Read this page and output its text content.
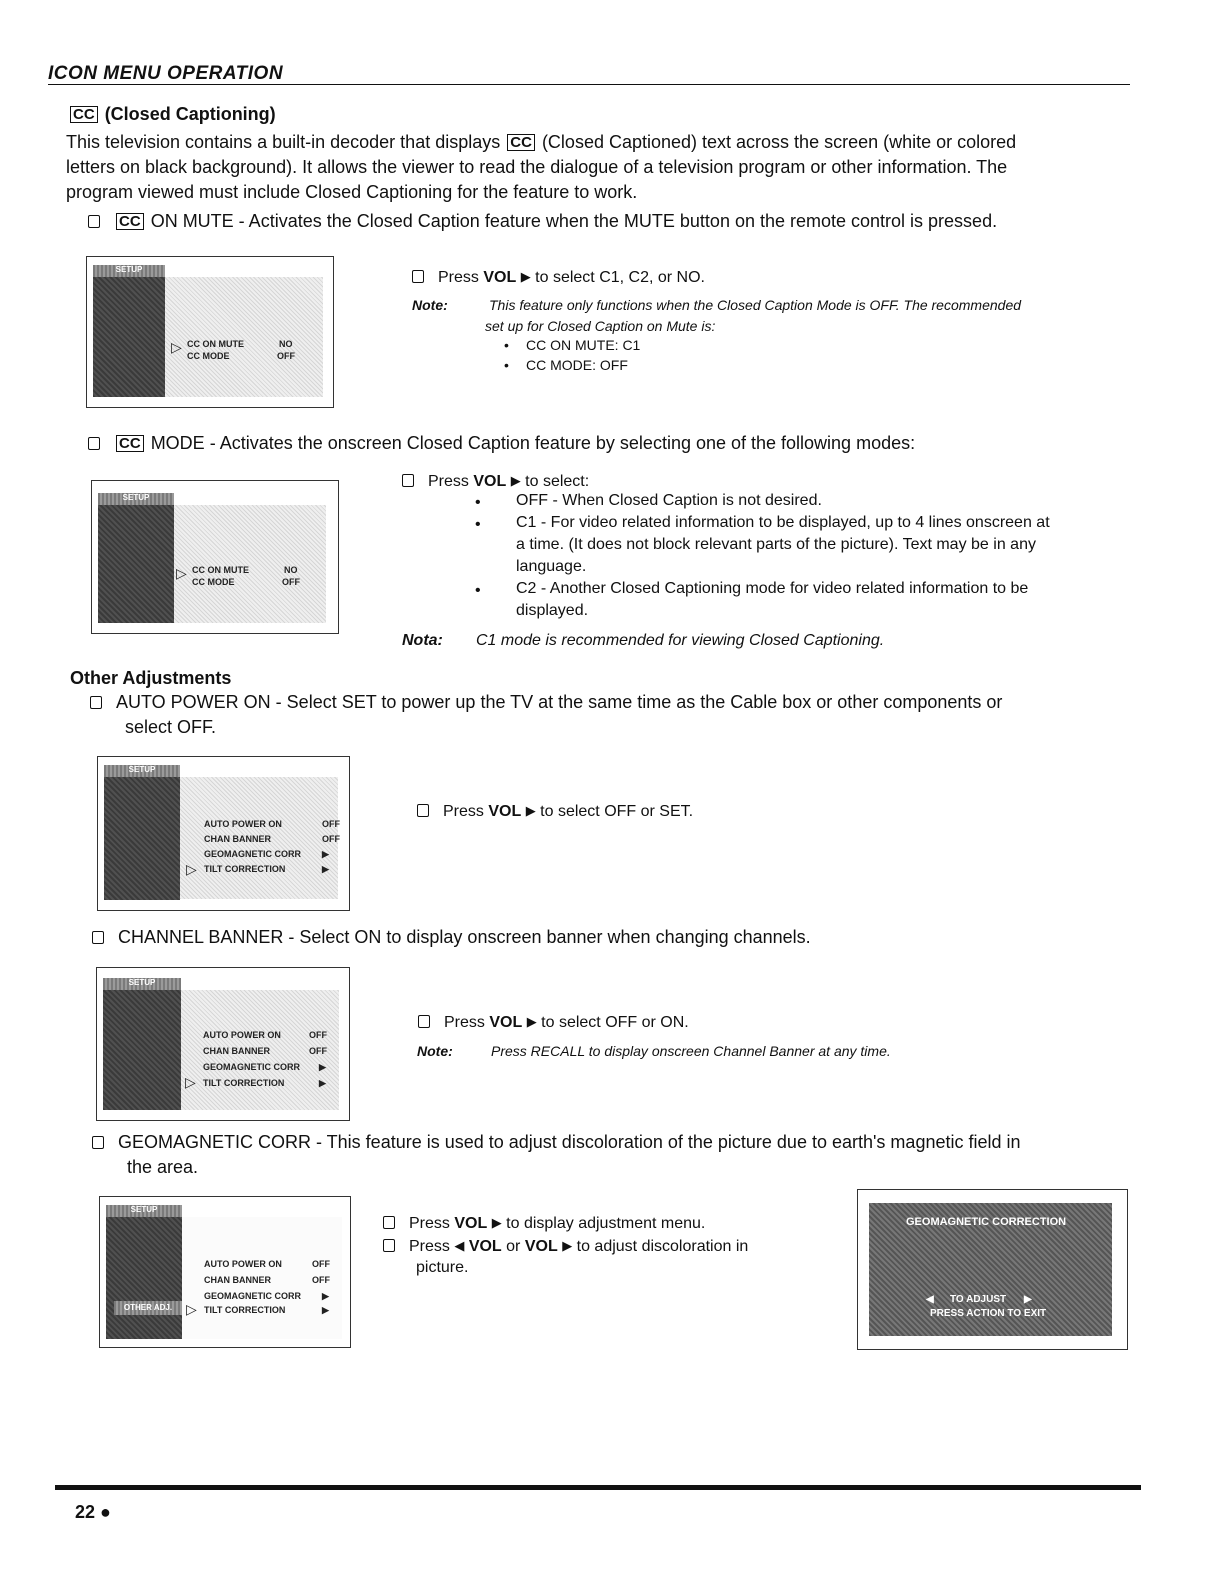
ICON MENU OPERATION
CC (Closed Captioning)
This television contains a built-in decoder that displays CC (Closed Captioned) text across the screen (white or colored
letters on black background). It allows the viewer to read the dialogue of a television program or other information. The
program viewed must include Closed Captioning for the feature to work.
CC ON MUTE - Activates the Closed Caption feature when the MUTE button on the remote control is pressed.
SETUP
▷ CC ON MUTE	NO
CC MODE	OFF
Press VOL ▶ to select C1, C2, or NO.
Note:	This feature only functions when the Closed Caption Mode is OFF. The recommended
set up for Closed Caption on Mute is:
• CC ON MUTE: C1
• CC MODE: OFF
CC MODE - Activates the onscreen Closed Caption feature by selecting one of the following modes:
SETUP
▷ CC ON MUTE	NO
CC MODE	OFF
Press VOL ▶ to select:
• OFF - When Closed Caption is not desired.
• C1 - For video related information to be displayed, up to 4 lines onscreen at
a time. (It does not block relevant parts of the picture). Text may be in any
language.
• C2 - Another Closed Captioning mode for video related information to be
displayed.
Nota: C1 mode is recommended for viewing Closed Captioning.
Other Adjustments
AUTO POWER ON - Select SET to power up the TV at the same time as the Cable box or other components or
select OFF.
SETUP
AUTO POWER ON	OFF
CHAN BANNER	OFF
GEOMAGNETIC CORR ▶
▷ TILT CORRECTION	▶
Press VOL ▶ to select OFF or SET.
CHANNEL BANNER - Select ON to display onscreen banner when changing channels.
SETUP
AUTO POWER ON	OFF
CHAN BANNER	OFF
GEOMAGNETIC CORR ▶
▷ TILT CORRECTION	▶
Press VOL ▶ to select OFF or ON.
Note:	Press RECALL to display onscreen Channel Banner at any time.
GEOMAGNETIC CORR - This feature is used to adjust discoloration of the picture due to earth's magnetic field in
the area.
SETUP
AUTO POWER ON	OFF
CHAN BANNER	OFF
GEOMAGNETIC CORR ▶
OTHER ADJ. ▷ TILT CORRECTION	▶
Press VOL ▶ to display adjustment menu.
Press ◀ VOL or VOL ▶ to adjust discoloration in
picture.
GEOMAGNETIC CORRECTION
◀ TO ADJUST ▶
PRESS ACTION TO EXIT
22 ●
